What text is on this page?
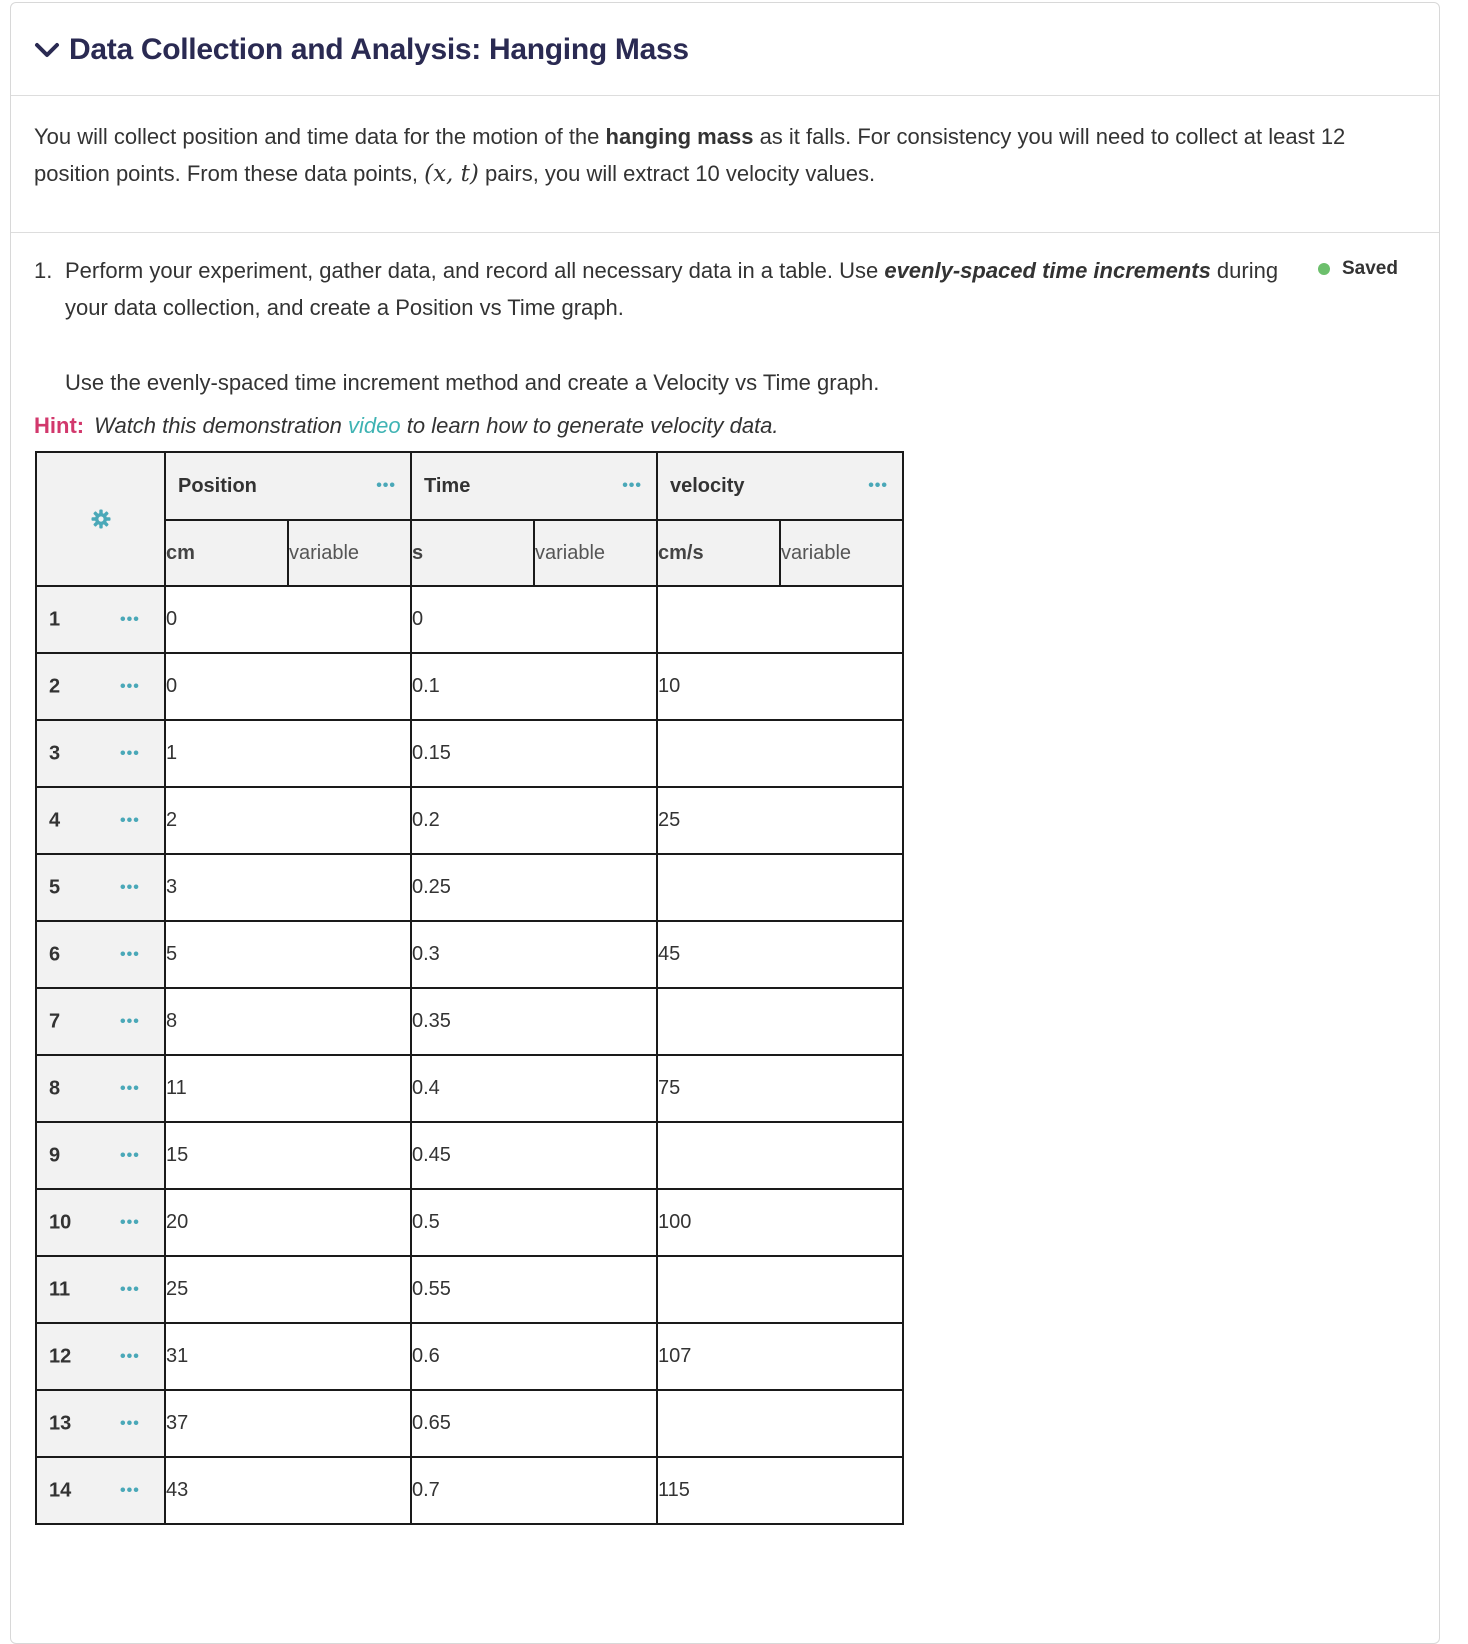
Data Collection and Analysis: Hanging Mass
You will collect position and time data for the motion of the hanging mass as it falls. For consistency you will need to collect at least 12 position points. From these data points, (x, t) pairs, you will extract 10 velocity values.
1. Perform your experiment, gather data, and record all necessary data in a table. Use evenly-spaced time increments during your data collection, and create a Position vs Time graph.
Saved
Use the evenly-spaced time increment method and create a Velocity vs Time graph.
Hint: Watch this demonstration video to learn how to generate velocity data.

Position •••		Time •••		velocity •••	

	cm	variable	s	variable	cm/s	variable

1 •••	0		0			

2 •••	0		0.1		10	

3 •••	1		0.15			

4 •••	2		0.2		25	

5 •••	3		0.25			

6 •••	5		0.3		45	

7 •••	8		0.35			

8 •••	11		0.4		75	

9 •••	15		0.45			

10 •••	20		0.5		100	

11 •••	25		0.55			

12 •••	31		0.6		107	

13 •••	37		0.65			

14 •••	43		0.7		115	
